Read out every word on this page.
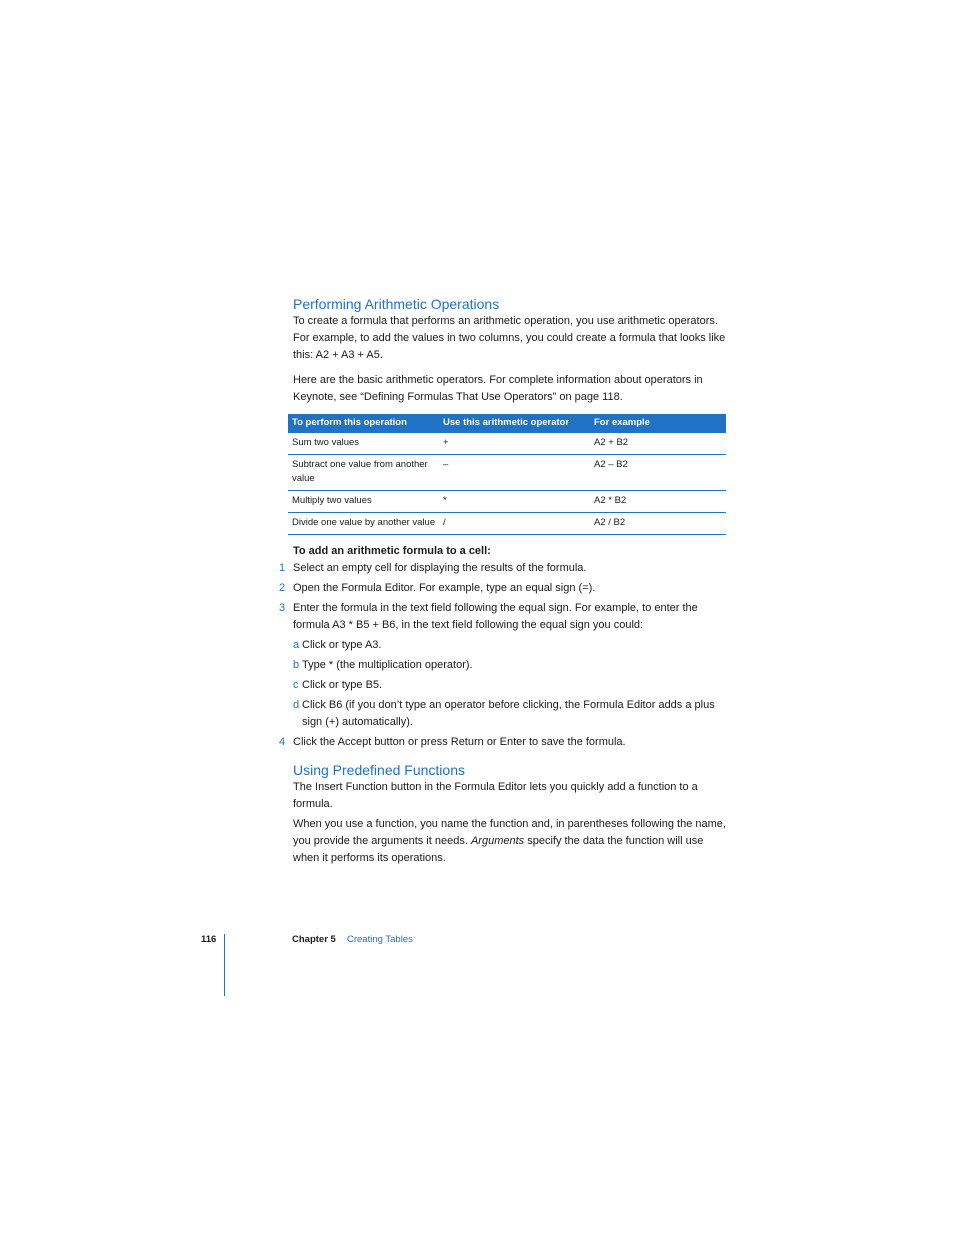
Performing Arithmetic Operations

To create a formula that performs an arithmetic operation, you use arithmetic operators. For example, to add the values in two columns, you could create a formula that looks like this: A2 + A3 + A5.

Here are the basic arithmetic operators. For complete information about operators in Keynote, see “Defining Formulas That Use Operators” on page 118.

To perform this operation	Use this arithmetic operator	For example
Sum two values	+	A2 + B2
Subtract one value from another value	–	A2 – B2
Multiply two values	*	A2 * B2
Divide one value by another value	/	A2 / B2

To add an arithmetic formula to a cell:

1 Select an empty cell for displaying the results of the formula.
2 Open the Formula Editor. For example, type an equal sign (=).
3 Enter the formula in the text field following the equal sign. For example, to enter the formula A3 * B5 + B6, in the text field following the equal sign you could:
a Click or type A3.
b Type * (the multiplication operator).
c Click or type B5.
d Click B6 (if you don’t type an operator before clicking, the Formula Editor adds a plus sign (+) automatically).
4 Click the Accept button or press Return or Enter to save the formula.
Using Predefined Functions

The Insert Function button in the Formula Editor lets you quickly add a function to a formula.

When you use a function, you name the function and, in parentheses following the name, you provide the arguments it needs. Arguments specify the data the function will use when it performs its operations.

116	Chapter 5 Creating Tables
